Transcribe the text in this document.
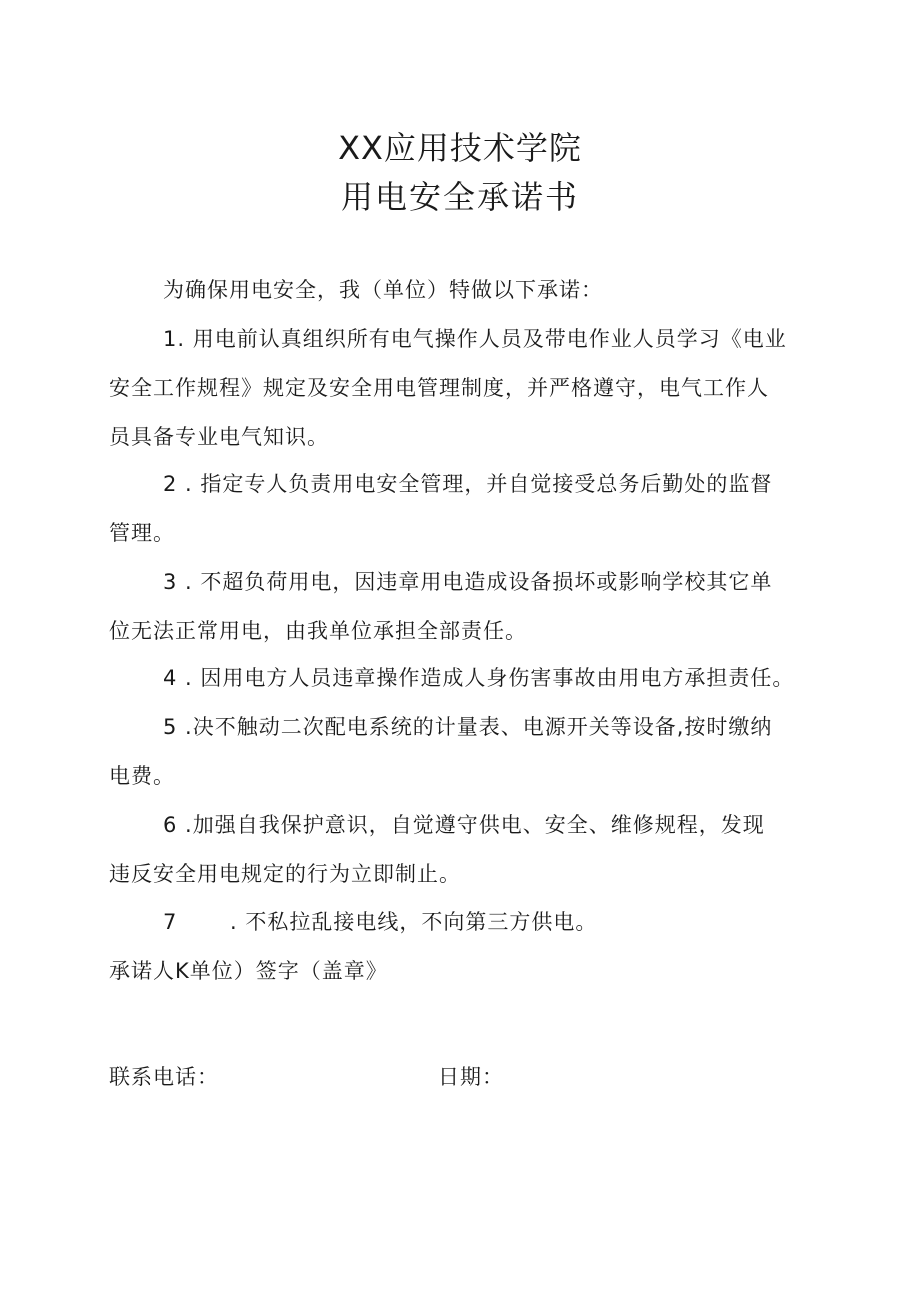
XX应用技术学院
用电安全承诺书
为确保用电安全，我（单位）特做以下承诺：
1. 用电前认真组织所有电气操作人员及带电作业人员学习《电业
安全工作规程》规定及安全用电管理制度，并严格遵守，电气工作人
员具备专业电气知识。
2 . 指定专人负责用电安全管理，并自觉接受总务后勤处的监督
管理。
3 . 不超负荷用电，因违章用电造成设备损坏或影响学校其它单
位无法正常用电，由我单位承担全部责任。
4 . 因用电方人员违章操作造成人身伤害事故由用电方承担责任。
5 .决不触动二次配电系统的计量表、电源开关等设备,按时缴纳
电费。
6 .加强自我保护意识，自觉遵守供电、安全、维修规程，发现
违反安全用电规定的行为立即制止。
7	. 不私拉乱接电线，不向第三方供电。
承诺人K单位）签字（盖章》
联系电话：	日期：
